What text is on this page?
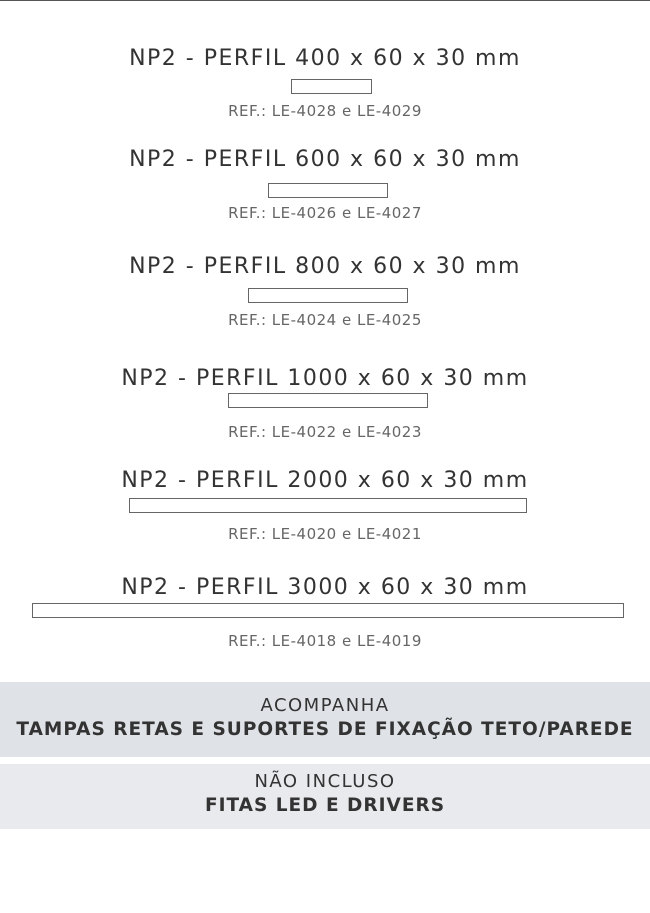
NP2 - PERFIL 400 x 60 x 30 mm
REF.: LE-4028 e LE-4029
NP2 - PERFIL 600 x 60 x 30 mm
REF.: LE-4026 e LE-4027
NP2 - PERFIL 800 x 60 x 30 mm
REF.: LE-4024 e LE-4025
NP2 - PERFIL 1000 x 60 x 30 mm
REF.: LE-4022 e LE-4023
NP2 - PERFIL 2000 x 60 x 30 mm
REF.: LE-4020 e LE-4021
NP2 - PERFIL 3000 x 60 x 30 mm
REF.: LE-4018 e LE-4019
ACOMPANHA
TAMPAS RETAS E SUPORTES DE FIXAÇÃO TETO/PAREDE
NÃO INCLUSO
FITAS LED E DRIVERS
